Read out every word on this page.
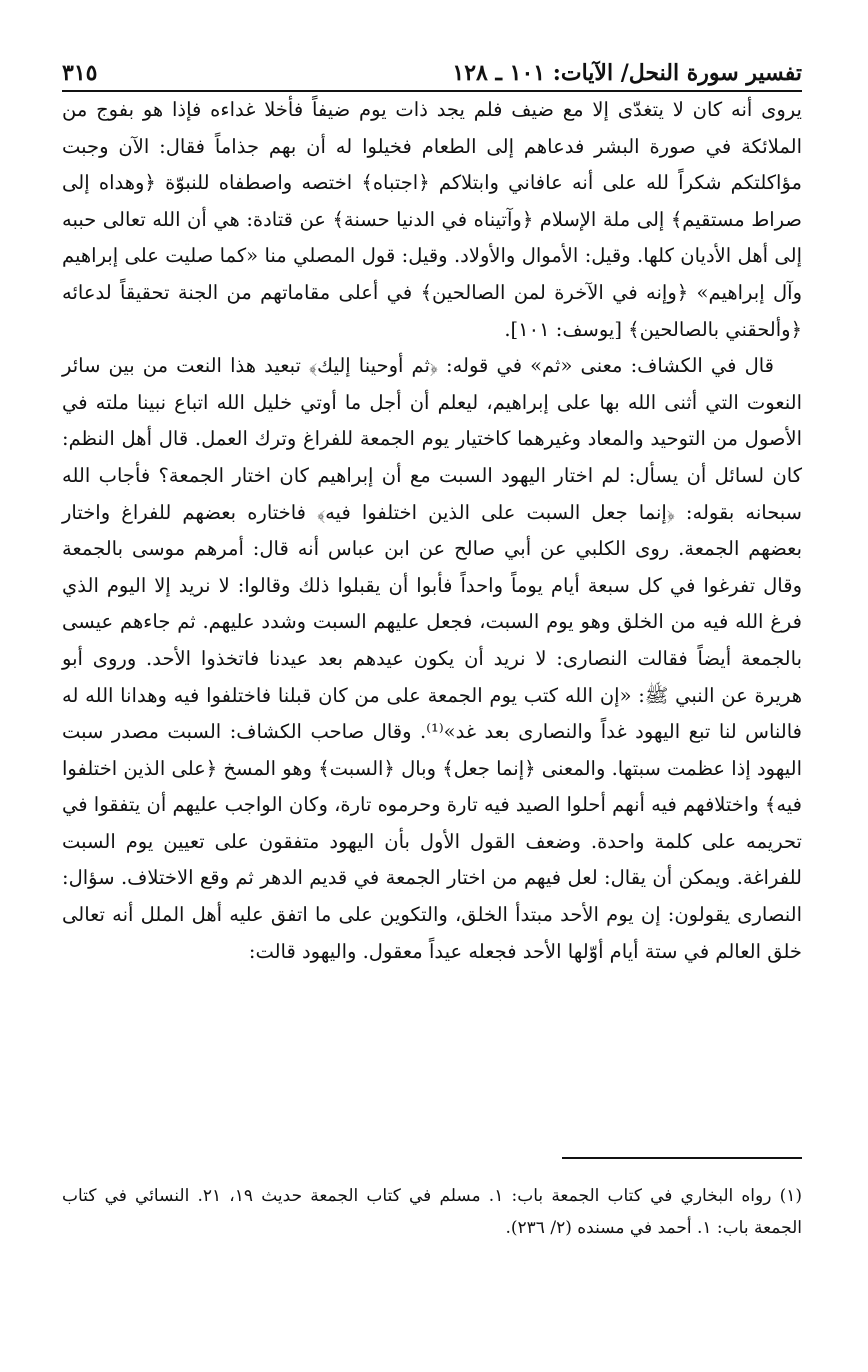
تفسير سورة النحل/ الآيات: ١٠١ ـ ١٢٨
٣١٥

يروى أنه كان لا يتغدّى إلا مع ضيف فلم يجد ذات يوم ضيفاً فأخلا غداءه فإذا هو بفوج من الملائكة في صورة البشر فدعاهم إلى الطعام فخيلوا له أن بهم جذاماً فقال: الآن وجبت مؤاكلتكم شكراً لله على أنه عافاني وابتلاكم ﴿اجتباه﴾ اختصه واصطفاه للنبوّة ﴿وهداه إلى صراط مستقيم﴾ إلى ملة الإسلام ﴿وآتيناه في الدنيا حسنة﴾ عن قتادة: هي أن الله تعالى حببه إلى أهل الأديان كلها. وقيل: الأموال والأولاد. وقيل: قول المصلي منا «كما صليت على إبراهيم وآل إبراهيم» ﴿وإنه في الآخرة لمن الصالحين﴾ في أعلى مقاماتهم من الجنة تحقيقاً لدعائه ﴿وألحقني بالصالحين﴾ [يوسف: ١٠١].

قال في الكشاف: معنى «ثم» في قوله: ﴿ثم أوحينا إليك﴾ تبعيد هذا النعت من بين سائر النعوت التي أثنى الله بها على إبراهيم، ليعلم أن أجل ما أوتي خليل الله اتباع نبينا ملته في الأصول من التوحيد والمعاد وغيرهما كاختيار يوم الجمعة للفراغ وترك العمل. قال أهل النظم: كان لسائل أن يسأل: لم اختار اليهود السبت مع أن إبراهيم كان اختار الجمعة؟ فأجاب الله سبحانه بقوله: ﴿إنما جعل السبت على الذين اختلفوا فيه﴾ فاختاره بعضهم للفراغ واختار بعضهم الجمعة. روى الكلبي عن أبي صالح عن ابن عباس أنه قال: أمرهم موسى بالجمعة وقال تفرغوا في كل سبعة أيام يوماً واحداً فأبوا أن يقبلوا ذلك وقالوا: لا نريد إلا اليوم الذي فرغ الله فيه من الخلق وهو يوم السبت، فجعل عليهم السبت وشدد عليهم. ثم جاءهم عيسى بالجمعة أيضاً فقالت النصارى: لا نريد أن يكون عيدهم بعد عيدنا فاتخذوا الأحد. وروى أبو هريرة عن النبي ﷺ: «إن الله كتب يوم الجمعة على من كان قبلنا فاختلفوا فيه وهدانا الله له فالناس لنا تبع اليهود غداً والنصارى بعد غد»⁽¹⁾. وقال صاحب الكشاف: السبت مصدر سبت اليهود إذا عظمت سبتها. والمعنى ﴿إنما جعل﴾ وبال ﴿السبت﴾ وهو المسخ ﴿على الذين اختلفوا فيه﴾ واختلافهم فيه أنهم أحلوا الصيد فيه تارة وحرموه تارة، وكان الواجب عليهم أن يتفقوا في تحريمه على كلمة واحدة. وضعف القول الأول بأن اليهود متفقون على تعيين يوم السبت للفراغة. ويمكن أن يقال: لعل فيهم من اختار الجمعة في قديم الدهر ثم وقع الاختلاف. سؤال: النصارى يقولون: إن يوم الأحد مبتدأ الخلق، والتكوين على ما اتفق عليه أهل الملل أنه تعالى خلق العالم في ستة أيام أوّلها الأحد فجعله عيداً معقول. واليهود قالت:

(١) رواه البخاري في كتاب الجمعة باب: ١. مسلم في كتاب الجمعة حديث ١٩، ٢١. النسائي في كتاب الجمعة باب: ١. أحمد في مسنده (٢/ ٢٣٦).
